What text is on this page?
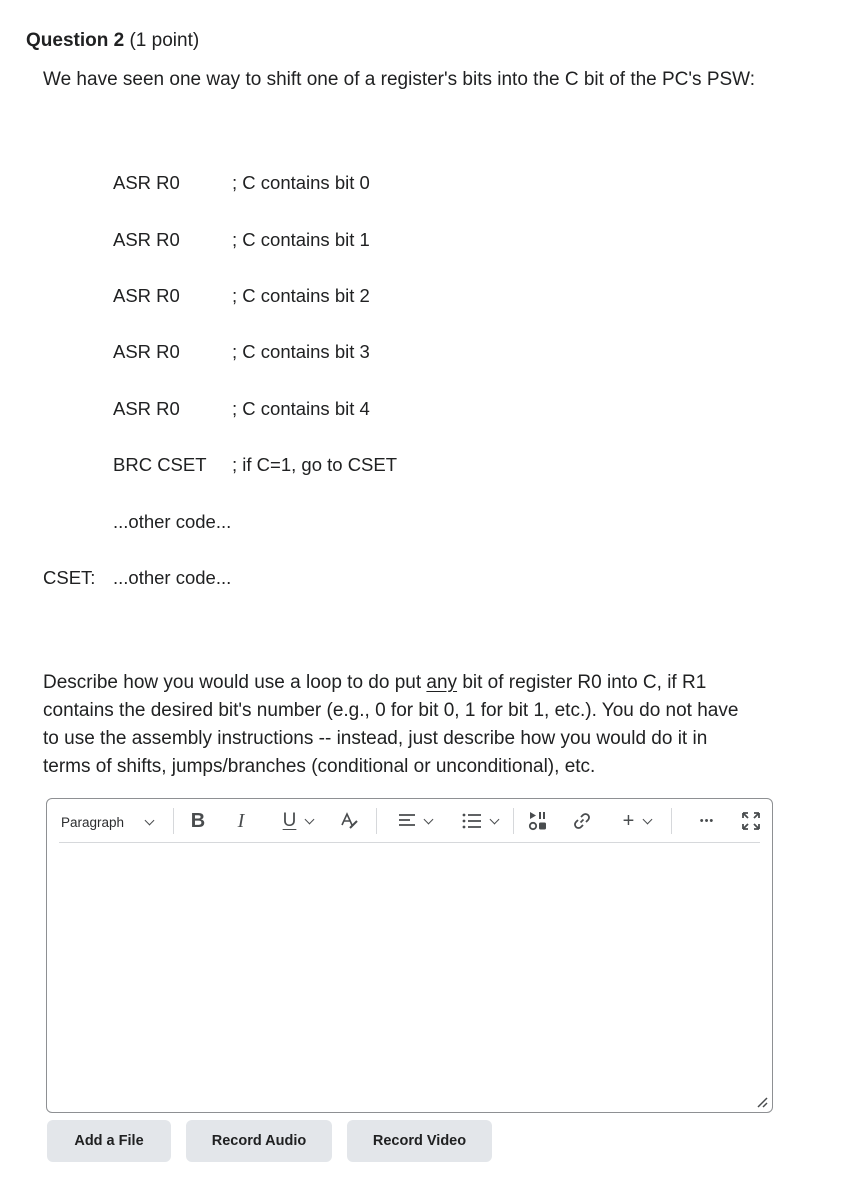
Question 2 (1 point)
We have seen one way to shift one of a register's bits into the C bit of the PC's PSW:
ASR R0	; C contains bit 0
ASR R0	; C contains bit 1
ASR R0	; C contains bit 2
ASR R0	; C contains bit 3
ASR R0	; C contains bit 4
BRC CSET ; if C=1, go to CSET
...other code...
CSET: ...other code...
Describe how you would use a loop to do put any bit of register R0 into C, if R1
contains the desired bit's number (e.g., 0 for bit 0, 1 for bit 1, etc.). You do not have
to use the assembly instructions -- instead, just describe how you would do it in
terms of shifts, jumps/branches (conditional or unconditional), etc.
Paragraph	B I U	+	•••
Add a File	Record Audio	Record Video
